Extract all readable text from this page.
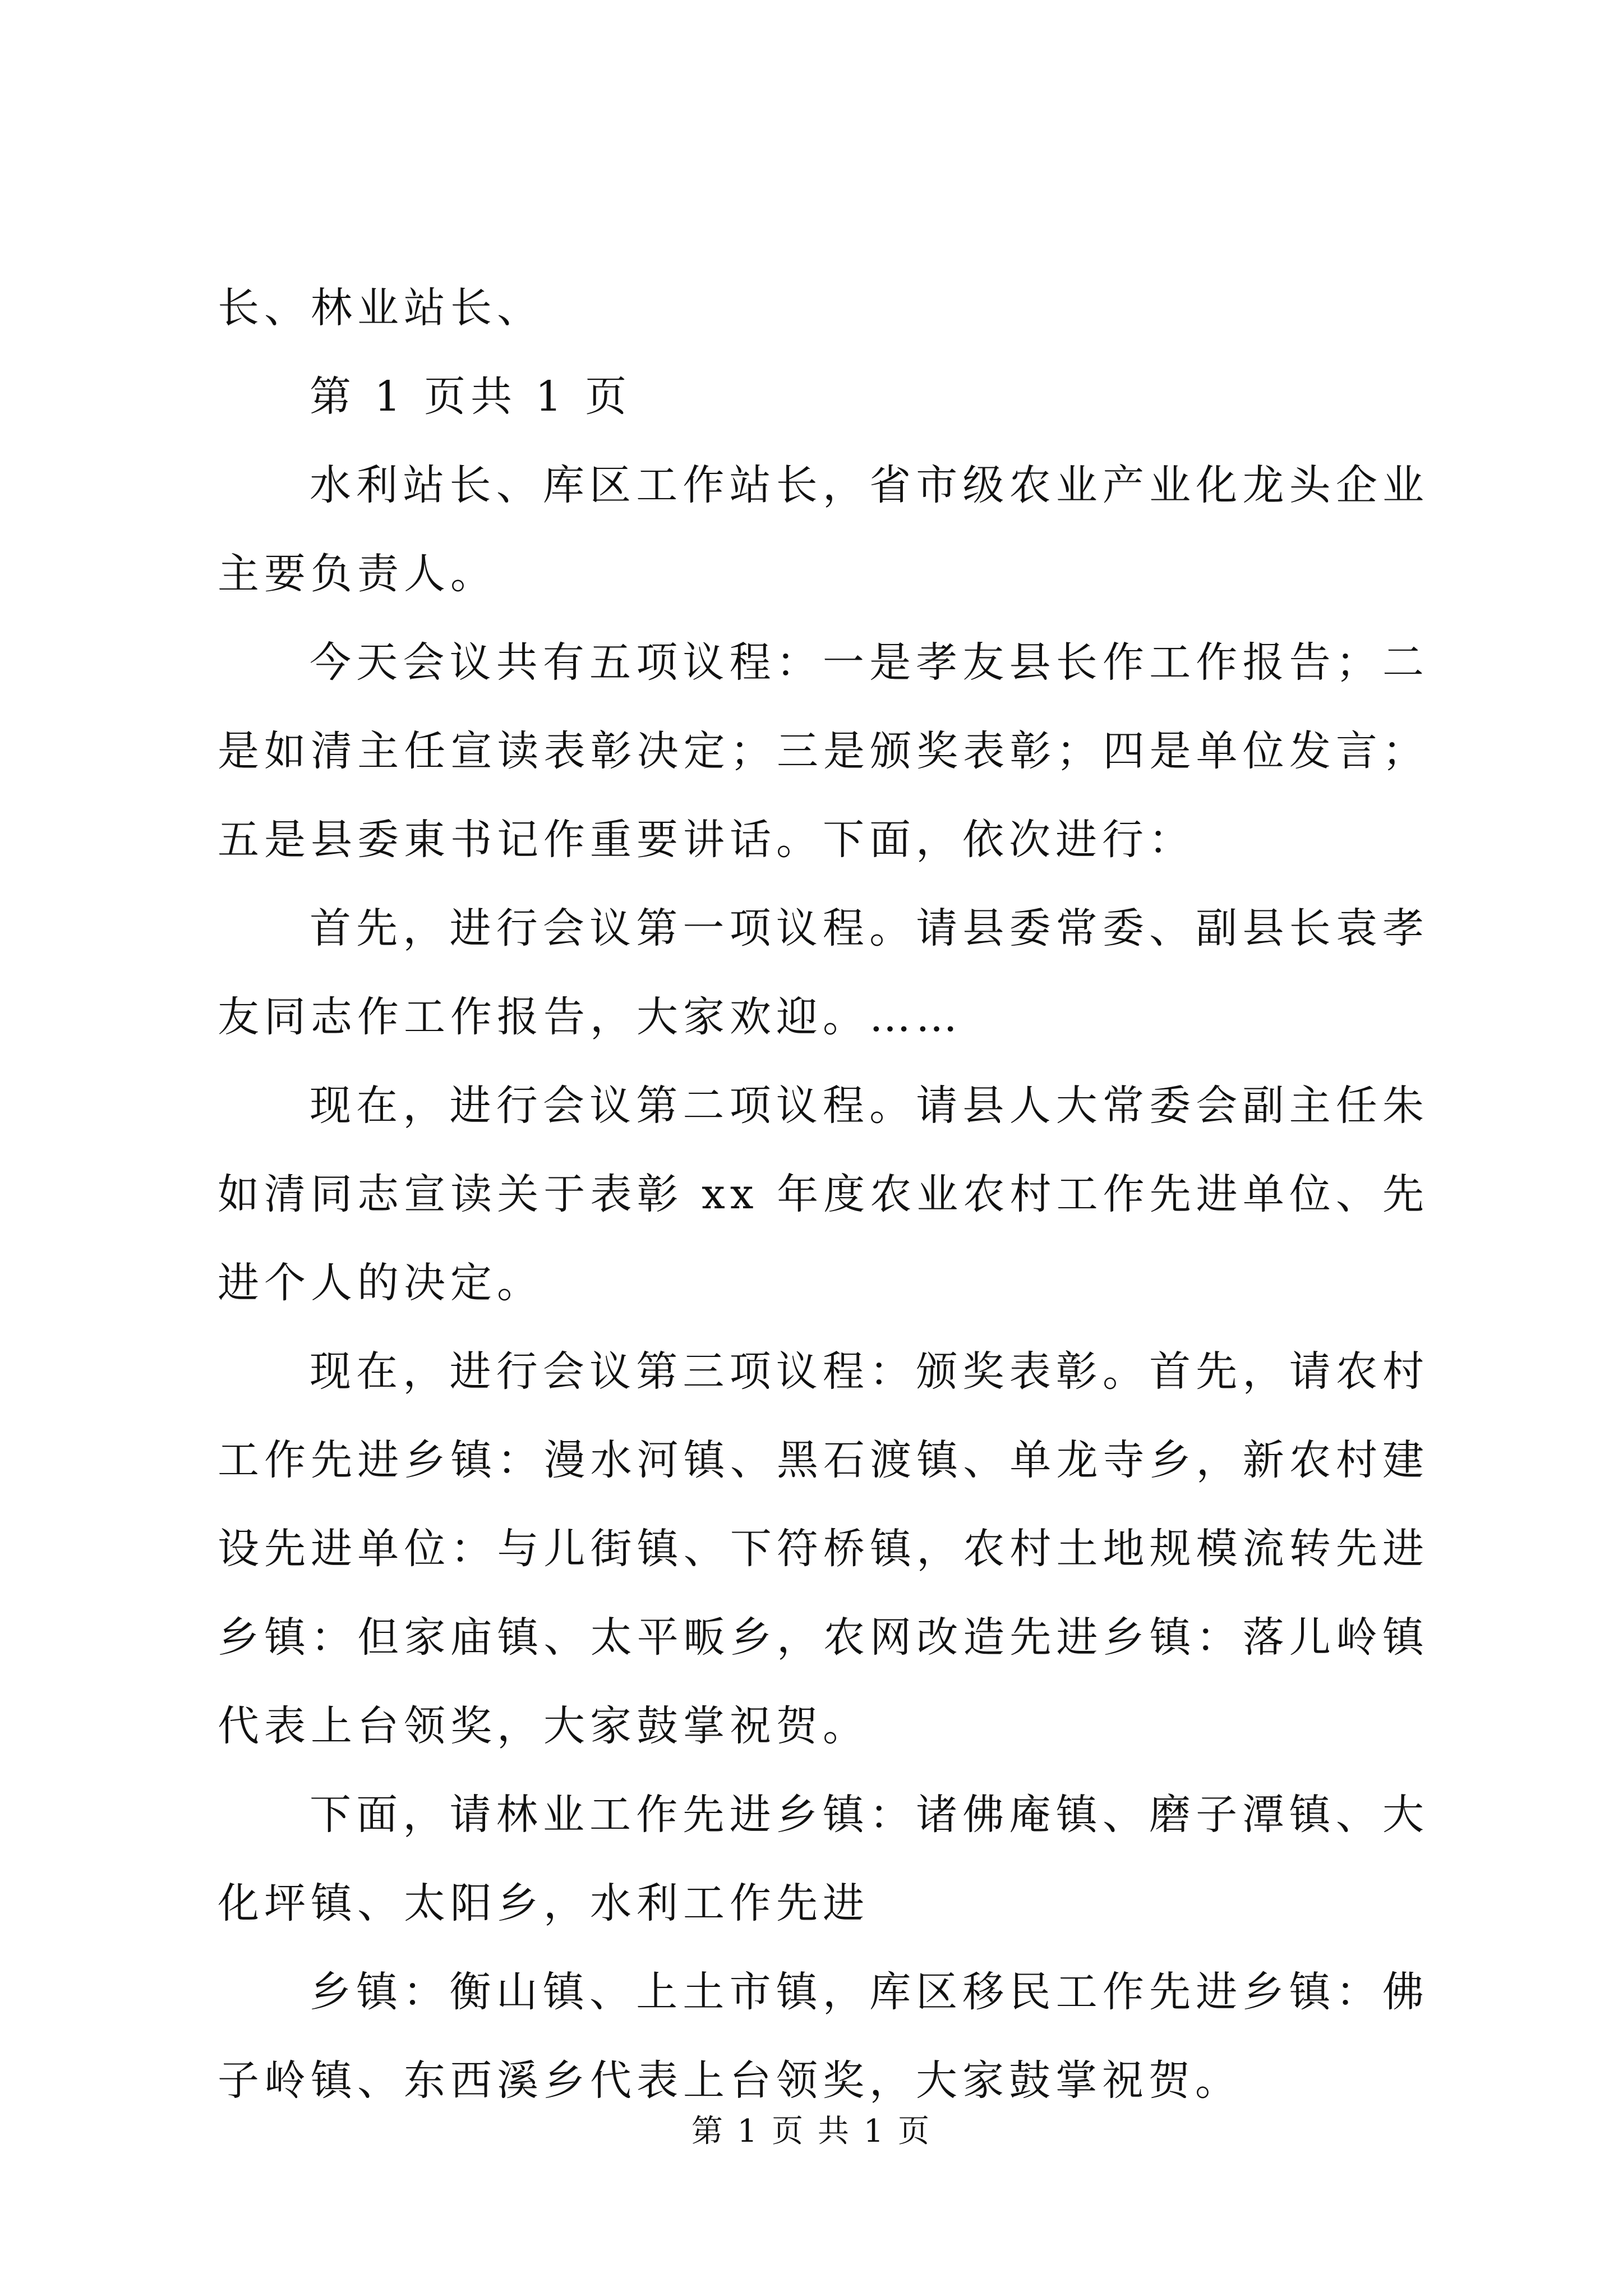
长、林业站长、

第 1 页共 1 页

水利站长、库区工作站长，省市级农业产业化龙头企业主要负责人。

今天会议共有五项议程：一是孝友县长作工作报告；二是如清主任宣读表彰决定；三是颁奖表彰；四是单位发言；五是县委東书记作重要讲话。下面，依次进行：

首先，进行会议第一项议程。请县委常委、副县长袁孝友同志作工作报告，大家欢迎。……

现在，进行会议第二项议程。请县人大常委会副主任朱如清同志宣读关于表彰 xx 年度农业农村工作先进单位、先进个人的决定。

现在，进行会议第三项议程：颁奖表彰。首先，请农村工作先进乡镇：漫水河镇、黑石渡镇、单龙寺乡，新农村建设先进单位：与儿街镇、下符桥镇，农村土地规模流转先进乡镇：但家庙镇、太平畈乡，农网改造先进乡镇：落儿岭镇代表上台领奖，大家鼓掌祝贺。

下面，请林业工作先进乡镇：诸佛庵镇、磨子潭镇、大化坪镇、太阳乡，水利工作先进

乡镇：衡山镇、上土市镇，库区移民工作先进乡镇：佛子岭镇、东西溪乡代表上台领奖，大家鼓掌祝贺。

第 1 页 共 1 页
